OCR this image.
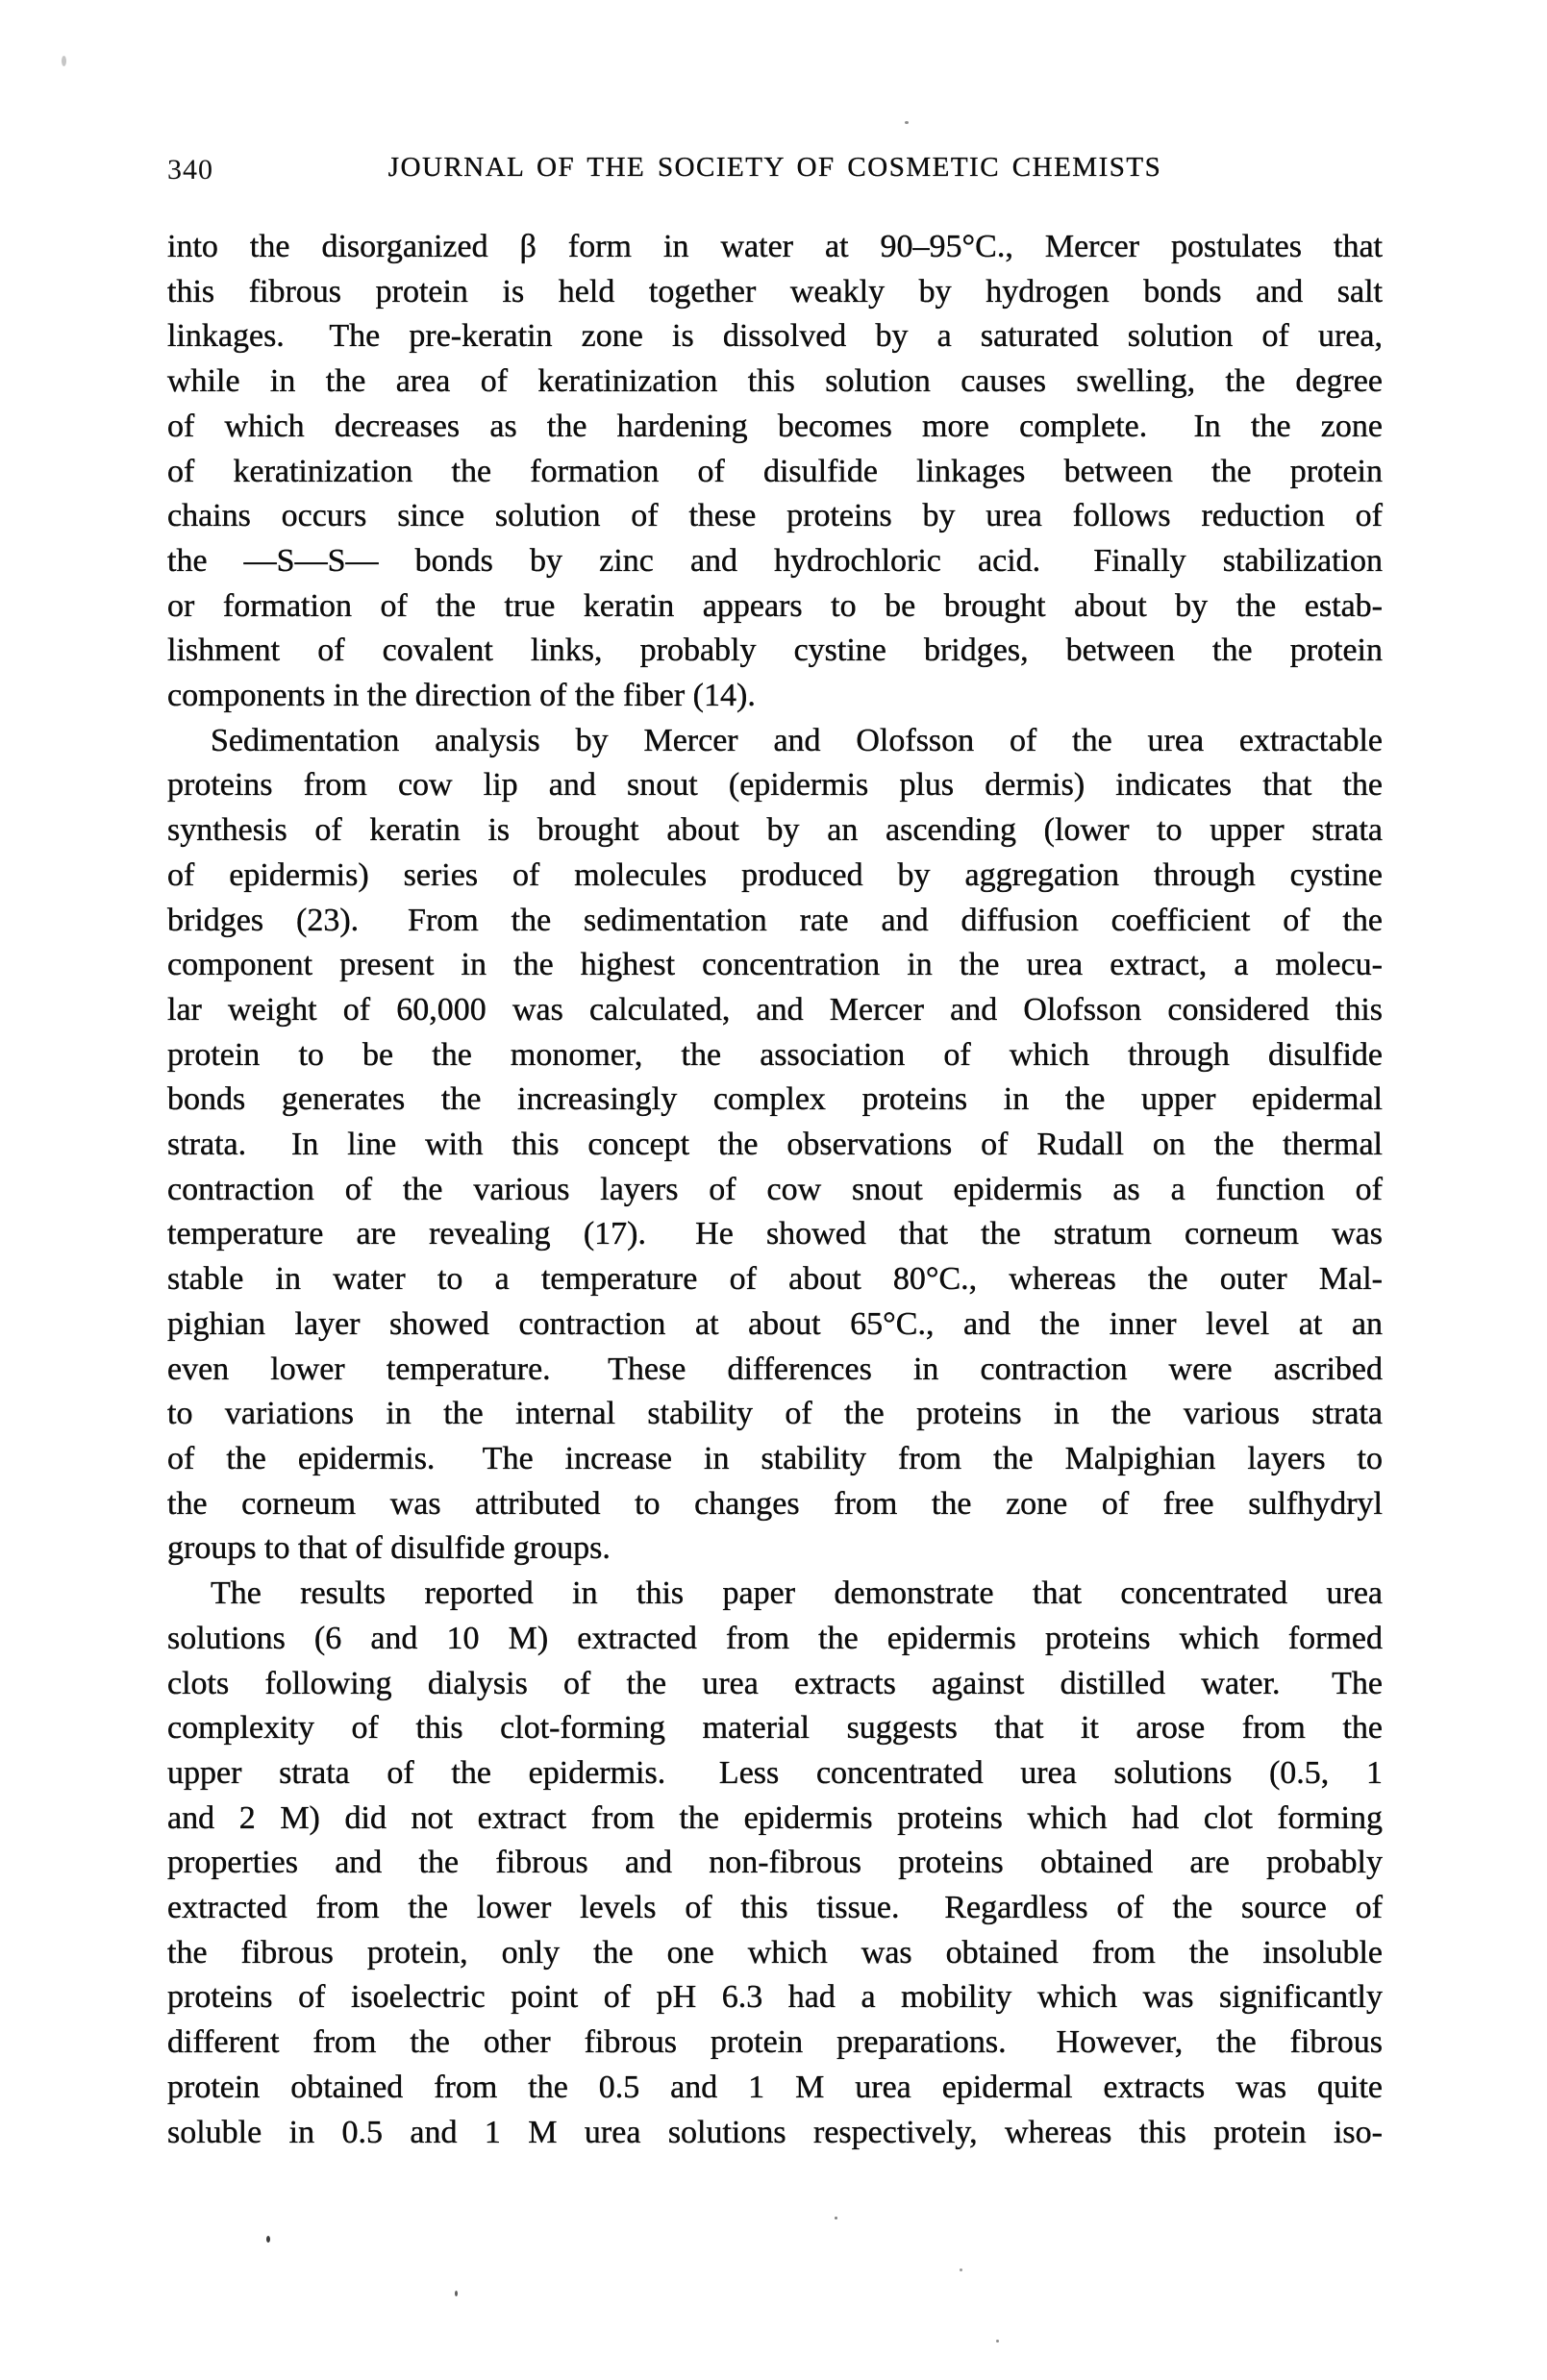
340	JOURNAL OF THE SOCIETY OF COSMETIC CHEMISTS
into the disorganized β form in water at 90–95°C., Mercer postulates that
this fibrous protein is held together weakly by hydrogen bonds and salt
linkages.  The pre-keratin zone is dissolved by a saturated solution of urea,
while in the area of keratinization this solution causes swelling, the degree
of which decreases as the hardening becomes more complete.  In the zone
of keratinization the formation of disulfide linkages between the protein
chains occurs since solution of these proteins by urea follows reduction of
the —S—S— bonds by zinc and hydrochloric acid.  Finally stabilization
or formation of the true keratin appears to be brought about by the estab-
lishment of covalent links, probably cystine bridges, between the protein
components in the direction of the fiber (14).
Sedimentation analysis by Mercer and Olofsson of the urea extractable
proteins from cow lip and snout (epidermis plus dermis) indicates that the
synthesis of keratin is brought about by an ascending (lower to upper strata
of epidermis) series of molecules produced by aggregation through cystine
bridges (23).  From the sedimentation rate and diffusion coefficient of the
component present in the highest concentration in the urea extract, a molecu-
lar weight of 60,000 was calculated, and Mercer and Olofsson considered this
protein to be the monomer, the association of which through disulfide
bonds generates the increasingly complex proteins in the upper epidermal
strata.  In line with this concept the observations of Rudall on the thermal
contraction of the various layers of cow snout epidermis as a function of
temperature are revealing (17).  He showed that the stratum corneum was
stable in water to a temperature of about 80°C., whereas the outer Mal-
pighian layer showed contraction at about 65°C., and the inner level at an
even lower temperature.  These differences in contraction were ascribed
to variations in the internal stability of the proteins in the various strata
of the epidermis.  The increase in stability from the Malpighian layers to
the corneum was attributed to changes from the zone of free sulfhydryl
groups to that of disulfide groups.
The results reported in this paper demonstrate that concentrated urea
solutions (6 and 10 M) extracted from the epidermis proteins which formed
clots following dialysis of the urea extracts against distilled water.  The
complexity of this clot-forming material suggests that it arose from the
upper strata of the epidermis.  Less concentrated urea solutions (0.5, 1
and 2 M) did not extract from the epidermis proteins which had clot forming
properties and the fibrous and non-fibrous proteins obtained are probably
extracted from the lower levels of this tissue.  Regardless of the source of
the fibrous protein, only the one which was obtained from the insoluble
proteins of isoelectric point of pH 6.3 had a mobility which was significantly
different from the other fibrous protein preparations.  However, the fibrous
protein obtained from the 0.5 and 1 M urea epidermal extracts was quite
soluble in 0.5 and 1 M urea solutions respectively, whereas this protein iso-
